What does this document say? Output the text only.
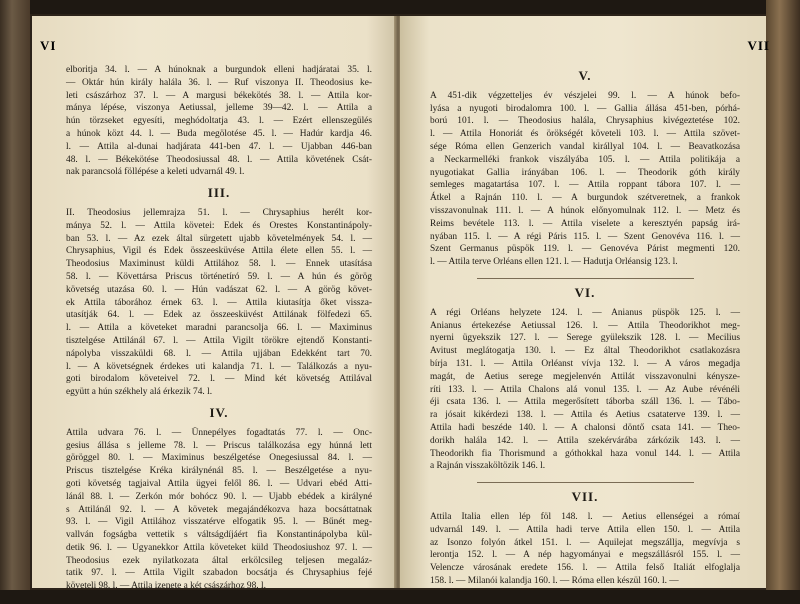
elboritja 34. l. — A húnoknak a burgundok elleni hadjáratai 35. l.

— Oktár hún király halála 36. l. — Ruf viszonya II. Theodosius ke-

leti császárhoz 37. l. — A margusi békekötés 38. l. — Attila kor-

mánya lépése, viszonya Aetiussal, jelleme 39—42. l. — Attila a

hún törzseket egyesíti, meghódoltatja 43. l. — Ezért ellenszegülés

a húnok közt 44. l. — Buda megölotése 45. l. — Hadúr kardja 46.

l. — Attila al-dunai hadjárata 441-ben 47. l. — Ujabban 446-ban

48. l. — Békekötése Theodosiussal 48. l. — Attila követének Csát-

nak parancsolá föllépése a keleti udvarnál 49. l.

III.

II. Theodosius jellemrajza 51. l. — Chrysaphius herélt kor-

mánya 52. l. — Attila követei: Edek és Orestes Konstantinápoly-

ban 53. l. — Az ezek által sürgetett ujabb követelmények 54. l. —

Chrysaphius, Vigil és Edek összeesküvése Attila élete ellen 55. l. —

Theodosius Maximinust küldi Attilához 58. l. — Ennek utasítása

58. l. — Követtársa Priscus történetíró 59. l. — A hún és görög

követség utazása 60. l. — Hún vadászat 62. l. — A görög követ-

ek Attila táborához érnek 63. l. — Attila kiutasítja őket vissza-

utasítják 64. l. — Edek az összeesküvést Attilának fölfedezi 65.

l. — Attila a követeket maradni parancsolja 66. l. — Maximinus

tisztelgése Attilánál 67. l. — Attila Vigilt törökre ejtendő Konstanti-

nápolyba visszaküldi 68. l. — Attila ujjában Edekként tart 70.

l. — A követségnek érdekes uti kalandja 71. l. — Találkozás a nyu-

goti birodalom követeivel 72. l. — Mind két követség Attilával

együtt a hún székhely alá érkezik 74. l.

IV.

Attila udvara 76. l. — Ünnepélyes fogadtatás 77. l. — Onc-

gesius állása s jelleme 78. l. — Priscus találkozása egy húnná lett

göröggel 80. l. — Maximinus beszélgetése Onegesiussal 84. l. —

Priscus tisztelgése Kréka királynénál 85. l. — Beszélgetése a nyu-

goti követség tagjaival Attila ügyei felől 86. l. — Udvari ebéd Atti-

lánál 88. l. — Zerkón mór bohócz 90. l. — Ujabb ebédek a királyné

s Attilánál 92. l. — A követek megajándékozva haza bocsáttatnak

93. l. — Vigil Attilához visszatérve elfogatik 95. l. — Bűnét meg-

vallván fogságba vettetik s váltságdíjáért fia Konstantinápolyba kül-

detik 96. l. — Ugyanekkor Attila követeket küld Theodosiushoz 97. l. —

Theodosius ezek nyilatkozata által erkölcsileg teljesen megaláz-

tatik 97. l. — Attila Vigilt szabadon bocsátja és Chrysaphius fejé

követeli 98. l. — Attila izenete a két császárhoz 98. l.

VI
V.

A 451-dik végzetteljes év vészjelei 99. l. — A húnok befo-

lyása a nyugoti birodalomra 100. l. — Gallia állása 451-ben, pórhá-

ború 101. l. — Theodosius halála, Chrysaphius kivégeztetése 102.

l. — Attila Honoriát és örökségét követeli 103. l. — Attila szövet-

sége Róma ellen Genzerich vandal királlyal 104. l. — Beavatkozása

a Neckarmelléki frankok viszályába 105. l. — Attila politikája a

nyugotiakat Gallia irányában 106. l. — Theodorik góth király

semleges magatartása 107. l. — Attila roppant tábora 107. l. —

Átkel a Rajnán 110. l. — A burgundok szétveretnek, a frankok

visszavonulnak 111. l. — A húnok előnyomulnak 112. l. — Metz és

Reims bevétele 113. l. — Attila viselete a keresztyén papság irá-

nyában 115. l. — A régi Páris 115. l. — Szent Genovéva 116. l. —

Szent Germanus püspök 119. l. — Genovéva Párist megmenti 120.

l. — Attila terve Orléans ellen 121. l. — Hadutja Orléansig 123. l.

VI.

A régi Orléans helyzete 124. l. — Anianus püspök 125. l. —

Anianus értekezése Aetiussal 126. l. — Attila Theodorikhot meg-

nyerni ügyekszik 127. l. — Serege gyülekszik 128. l. — Mecilius

Avitust meglátogatja 130. l. — Ez által Theodorikhot csatlakozásra

bírja 131. l. — Attila Orléanst vívja 132. l. — A város megadja

magát, de Aetius serege megjelenvén Attilát visszavonulni kénysze-

ríti 133. l. — Attila Chalons alá vonul 135. l. — Az Aube révénéli

éji csata 136. l. — Attila megerősített táborba száll 136. l. — Tábo-

ra jósait kikérdezi 138. l. — Attila és Aetius csataterve 139. l. —

Attila hadi beszéde 140. l. — A chalonsi döntő csata 141. — Theo-

dorikh halála 142. l. — Attila szekérvárába zárkózik 143. l. —

Theodorikh fia Thorismund a góthokkal haza vonul 144. l. — Attila

a Rajnán visszaköltözik 146. l.

VII.

Attila Italia ellen lép föl 148. l. — Aetius ellenségei a rómaí

udvarnál 149. l. — Attila hadi terve Attila ellen 150. l. — Attila

az Isonzo folyón átkel 151. l. — Aquilejat megszállja, megvívja s

lerontja 152. l. — A nép hagyományai e megszállásról 155. l. —

Velencze városának eredete 156. l. — Attila felső Italiát elfoglalja

158. l. — Milanói kalandja 160. l. — Róma ellen készül 160. l. —

VII
